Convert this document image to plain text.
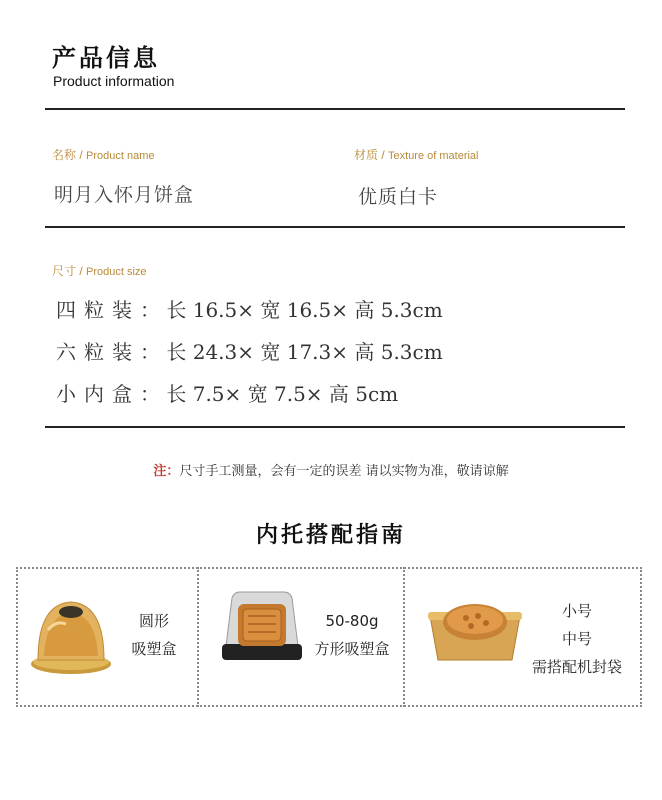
产品信息
Product information
名称 / Product name
明月入怀月饼盒
材质 / Texture of material
优质白卡
尺寸 / Product size
四粒装： 长 16.5× 宽 16.5× 高 5.3cm
六粒装： 长 24.3× 宽 17.3× 高 5.3cm
小内盒： 长 7.5× 宽 7.5× 高 5cm
注：尺寸手工测量，会有一定的误差 请以实物为准，敬请谅解
内托搭配指南
圆形
吸塑盒
50-80g
方形吸塑盒
小号
中号
需搭配机封袋
